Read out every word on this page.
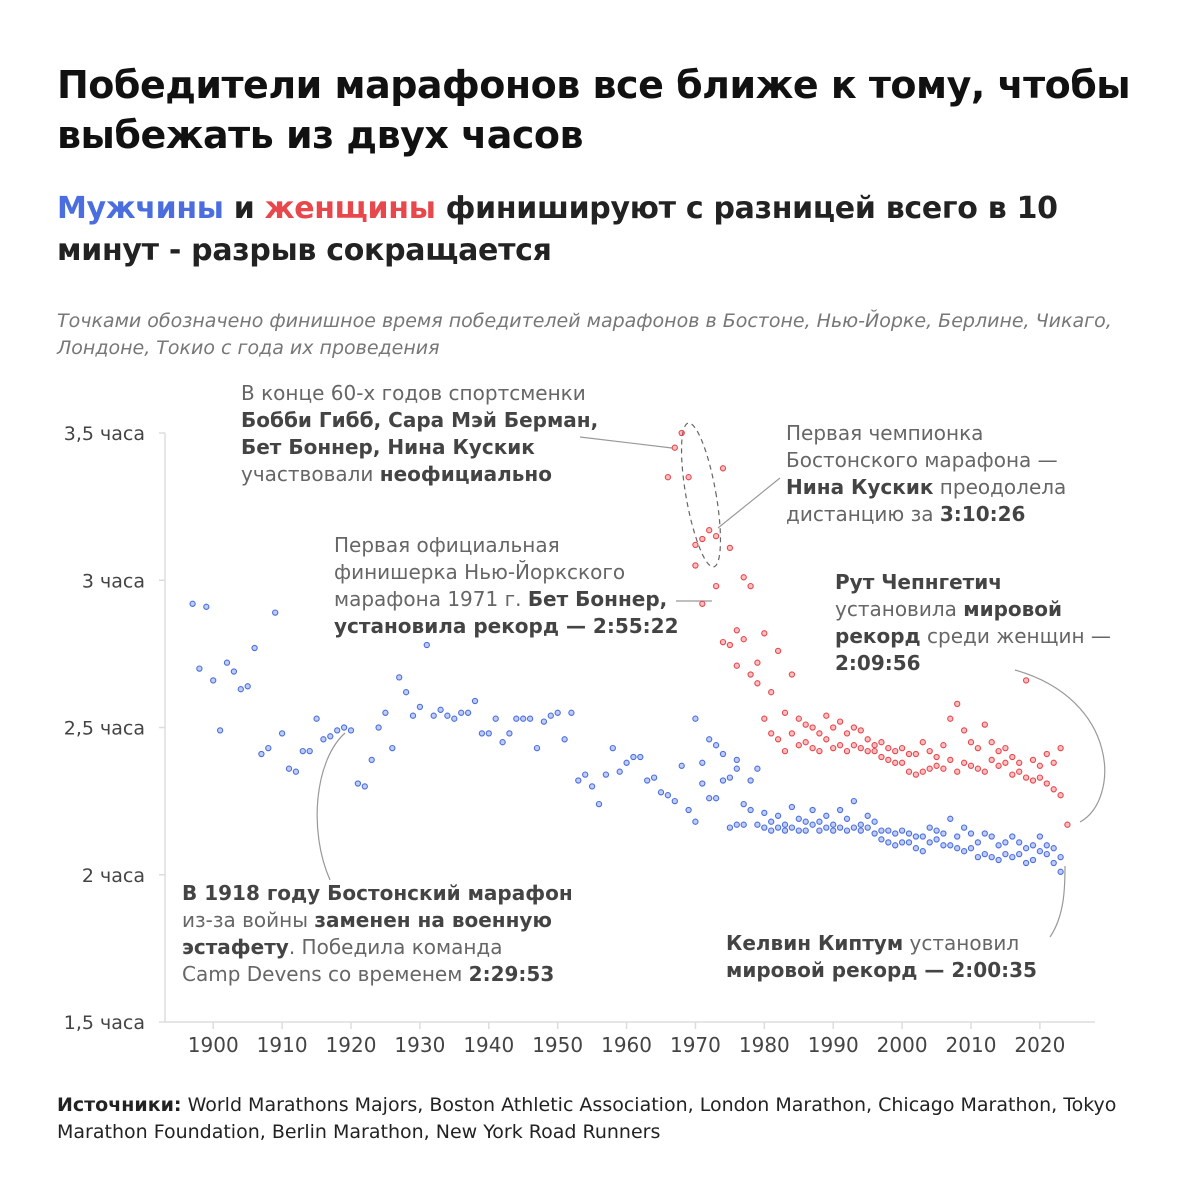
Победители марафонов все ближе к тому, чтобы выбежать из двух часов

Мужчины и женщины финишируют с разницей всего в 10 минут - разрыв сокращается

Точками обозначено финишное время победителей марафонов в Бостоне, Нью-Йорке, Берлине, Чикаго, Лондоне, Токио с года их проведения

1,5 часа
2 часа
2,5 часа
3 часа
3,5 часа
1900 1910 1920 1930 1940 1950 1960 1970 1980 1990 2000 2010 2020
В конце 60-х годов спортсменки
Бобби Гибб, Сара Мэй Берман,
Бет Боннер, Нина Кускик
участвовали неофициально
Первая чемпионка
Бостонского марафона —
Нина Кускик преодолела
дистанцию за 3:10:26
Первая официальная
финишерка Нью-Йоркского
марафона 1971 г. Бет Боннер,
установила рекорд — 2:55:22
Рут Чепнгетич
установила мировой
рекорд среди женщин —
2:09:56
В 1918 году Бостонский марафон
из-за войны заменен на военную
эстафету. Победила команда
Camp Devens со временем 2:29:53
Келвин Киптум установил
мировой рекорд — 2:00:35

Источники: World Marathons Majors, Boston Athletic Association, London Marathon, Chicago Marathon, Tokyo Marathon Foundation, Berlin Marathon, New York Road Runners
